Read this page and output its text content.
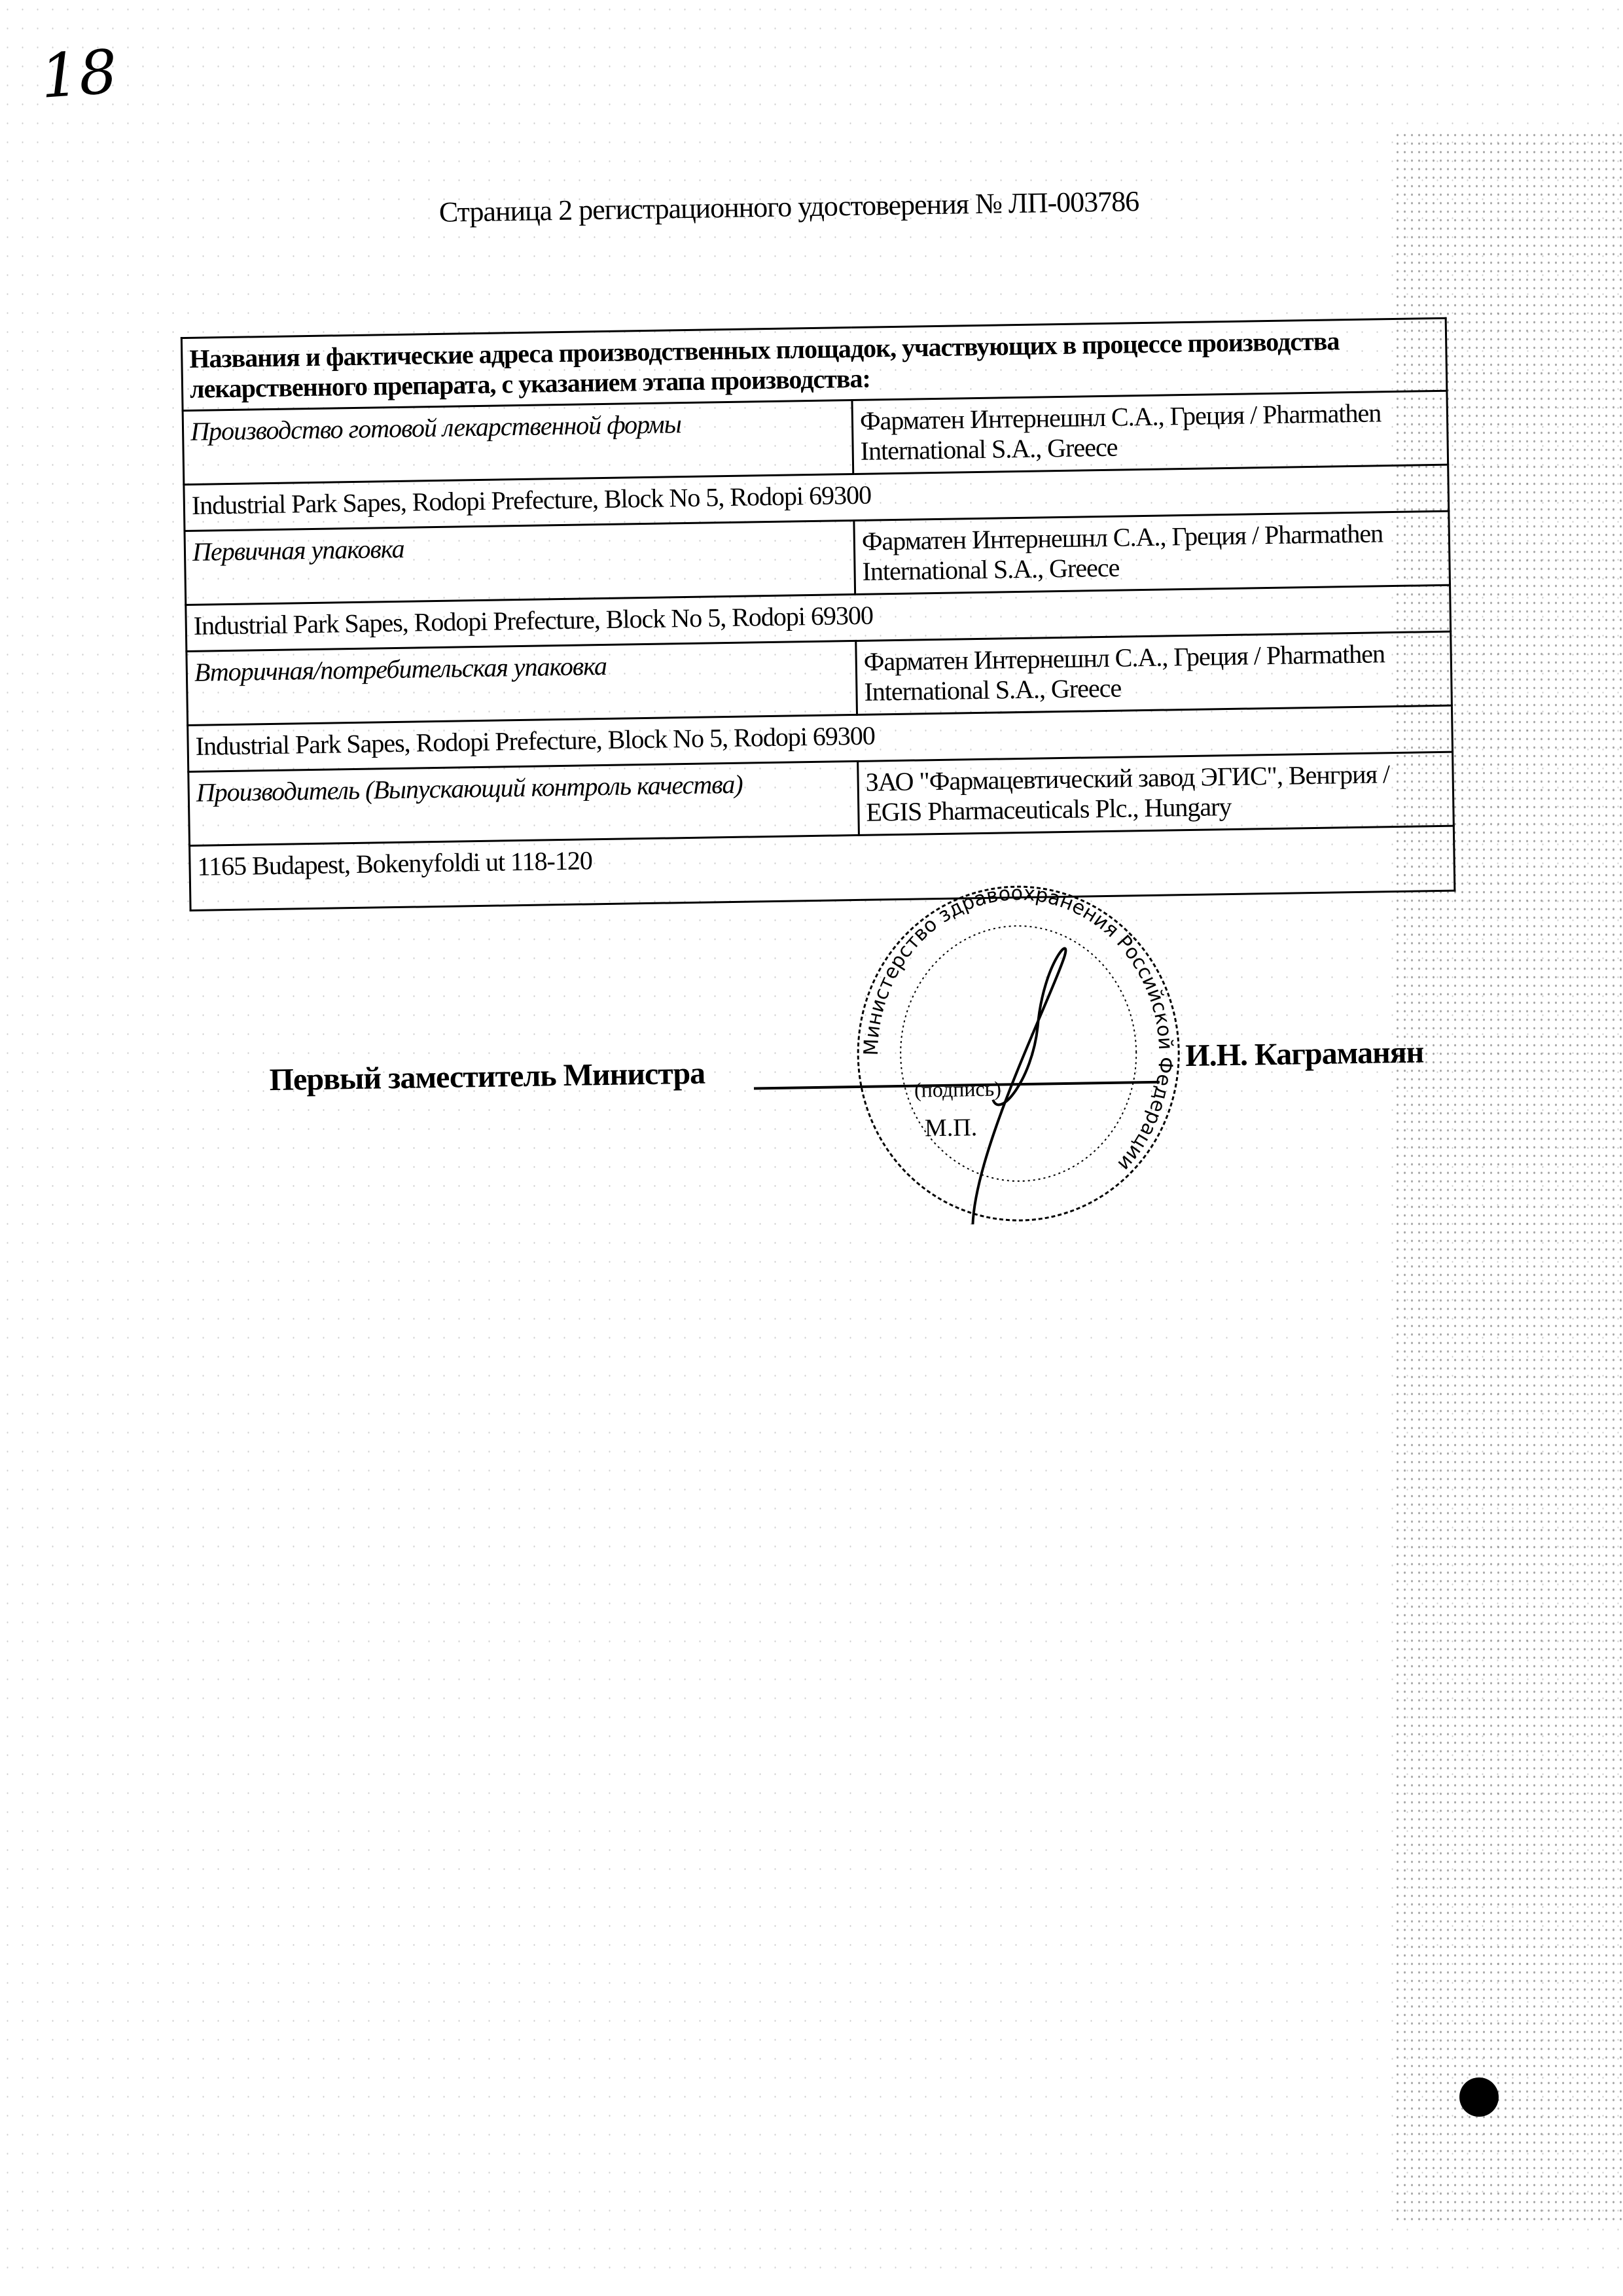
18
Страница 2 регистрационного удостоверения № ЛП-003786
Названия и фактические адреса производственных площадок, участвующих в процессе производства лекарственного препарата, с указанием этапа производства:	
Производство готовой лекарственной формы	Фарматен Интернешнл С.А., Греция / Pharmathen International S.A., Greece
Industrial Park Sapes, Rodopi Prefecture, Block No 5, Rodopi 69300	
Первичная упаковка	Фарматен Интернешнл С.А., Греция / Pharmathen International S.A., Greece
Industrial Park Sapes, Rodopi Prefecture, Block No 5, Rodopi 69300	
Вторичная/потребительская упаковка	Фарматен Интернешнл С.А., Греция / Pharmathen International S.A., Greece
Industrial Park Sapes, Rodopi Prefecture, Block No 5, Rodopi 69300	
Производитель (Выпускающий контроль качества)	ЗАО "Фармацевтический завод ЭГИС", Венгрия / EGIS Pharmaceuticals Plc., Hungary
1165 Budapest, Bokenyfoldi ut 118-120	
Министерство здравоохранения Российской Федерации
Первый заместитель Министра	(подпись)
М.П.
И.Н. Каграманян
